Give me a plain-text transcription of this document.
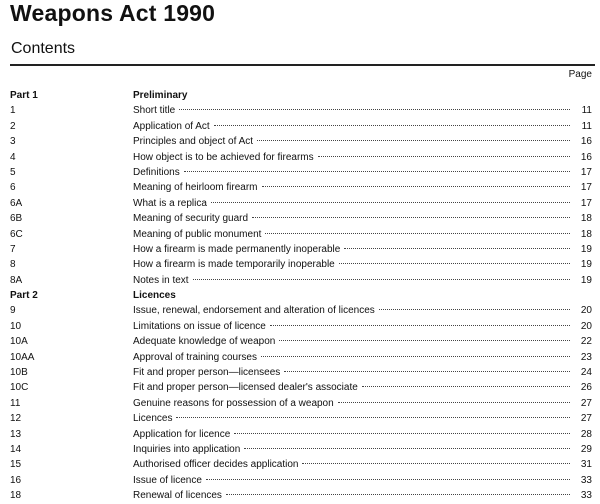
Weapons Act 1990
Contents
Page
Part 1	Preliminary
1	Short title	11
2	Application of Act	11
3	Principles and object of Act	16
4	How object is to be achieved for firearms	16
5	Definitions	17
6	Meaning of heirloom firearm	17
6A	What is a replica	17
6B	Meaning of security guard	18
6C	Meaning of public monument	18
7	How a firearm is made permanently inoperable	19
8	How a firearm is made temporarily inoperable	19
8A	Notes in text	19
Part 2	Licences
9	Issue, renewal, endorsement and alteration of licences	20
10	Limitations on issue of licence	20
10A	Adequate knowledge of weapon	22
10AA	Approval of training courses	23
10B	Fit and proper person—licensees	24
10C	Fit and proper person—licensed dealer's associate	26
11	Genuine reasons for possession of a weapon	27
12	Licences	27
13	Application for licence	28
14	Inquiries into application	29
15	Authorised officer decides application	31
16	Issue of licence	33
18	Renewal of licences	33
